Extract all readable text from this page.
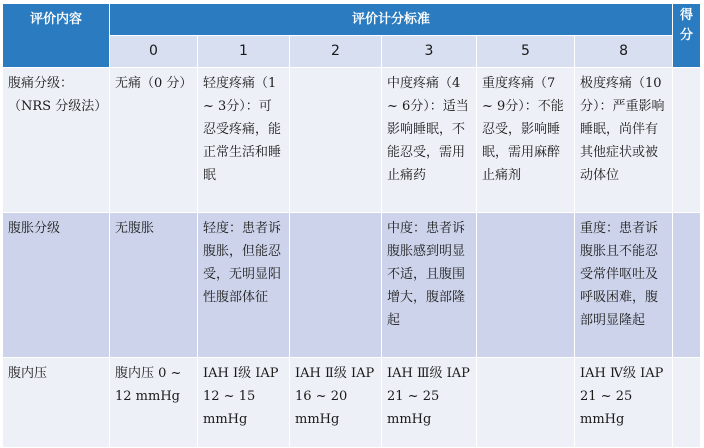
评价内容	评价计分标准						得分
	0	1	2	3	5	8	
腹痛分级：（NRS 分级法）	无痛（0 分）	轻度疼痛（1 ~ 3分）：可忍受疼痛，能正常生活和睡眠		中度疼痛（4 ~ 6分）：适当影响睡眠，不能忍受，需用止痛药	重度疼痛（7 ~ 9分）：不能忍受，影响睡眠，需用麻醉止痛剂	极度疼痛（10 分）：严重影响睡眠，尚伴有其他症状或被动体位	
腹胀分级	无腹胀	轻度：患者诉腹胀，但能忍受，无明显阳性腹部体征		中度：患者诉腹胀感到明显不适，且腹围增大，腹部隆起		重度：患者诉腹胀且不能忍受常伴呕吐及呼吸困难，腹部明显隆起	
腹内压	腹内压 0 ~ 12 mmHg	IAH Ⅰ级 IAP 12 ~ 15 mmHg	IAH Ⅱ级 IAP 16 ~ 20 mmHg	IAH Ⅲ级 IAP 21 ~ 25 mmHg		IAH Ⅳ级 IAP 21 ~ 25 mmHg	
